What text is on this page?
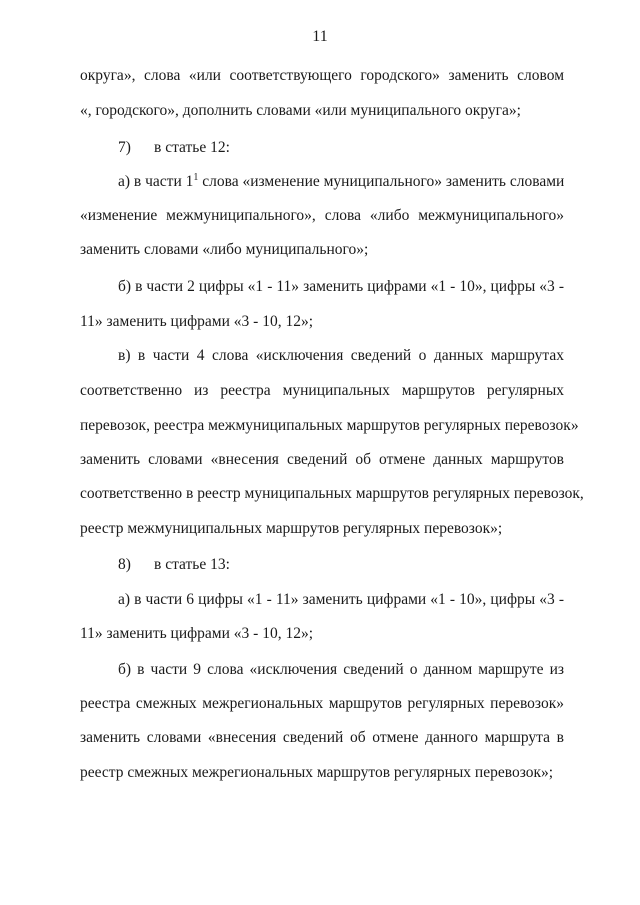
11
округа», слова «или соответствующего городского» заменить словом
«, городского», дополнить словами «или муниципального округа»;
7) в статье 12:
а) в части $1^1$ слова «изменение муниципального» заменить словами
«изменение межмуниципального», слова «либо межмуниципального»
заменить словами «либо муниципального»;
б) в части 2 цифры «1 - 11» заменить цифрами «1 - 10», цифры «3 -
11» заменить цифрами «3 - 10, 12»;
в) в части 4 слова «исключения сведений о данных маршрутах
соответственно из реестра муниципальных маршрутов регулярных
перевозок, реестра межмуниципальных маршрутов регулярных перевозок»
заменить словами «внесения сведений об отмене данных маршрутов
соответственно в реестр муниципальных маршрутов регулярных перевозок,
реестр межмуниципальных маршрутов регулярных перевозок»;
8) в статье 13:
а) в части 6 цифры «1 - 11» заменить цифрами «1 - 10», цифры «3 -
11» заменить цифрами «3 - 10, 12»;
б) в части 9 слова «исключения сведений о данном маршруте из
реестра смежных межрегиональных маршрутов регулярных перевозок»
заменить словами «внесения сведений об отмене данного маршрута в
реестр смежных межрегиональных маршрутов регулярных перевозок»;
